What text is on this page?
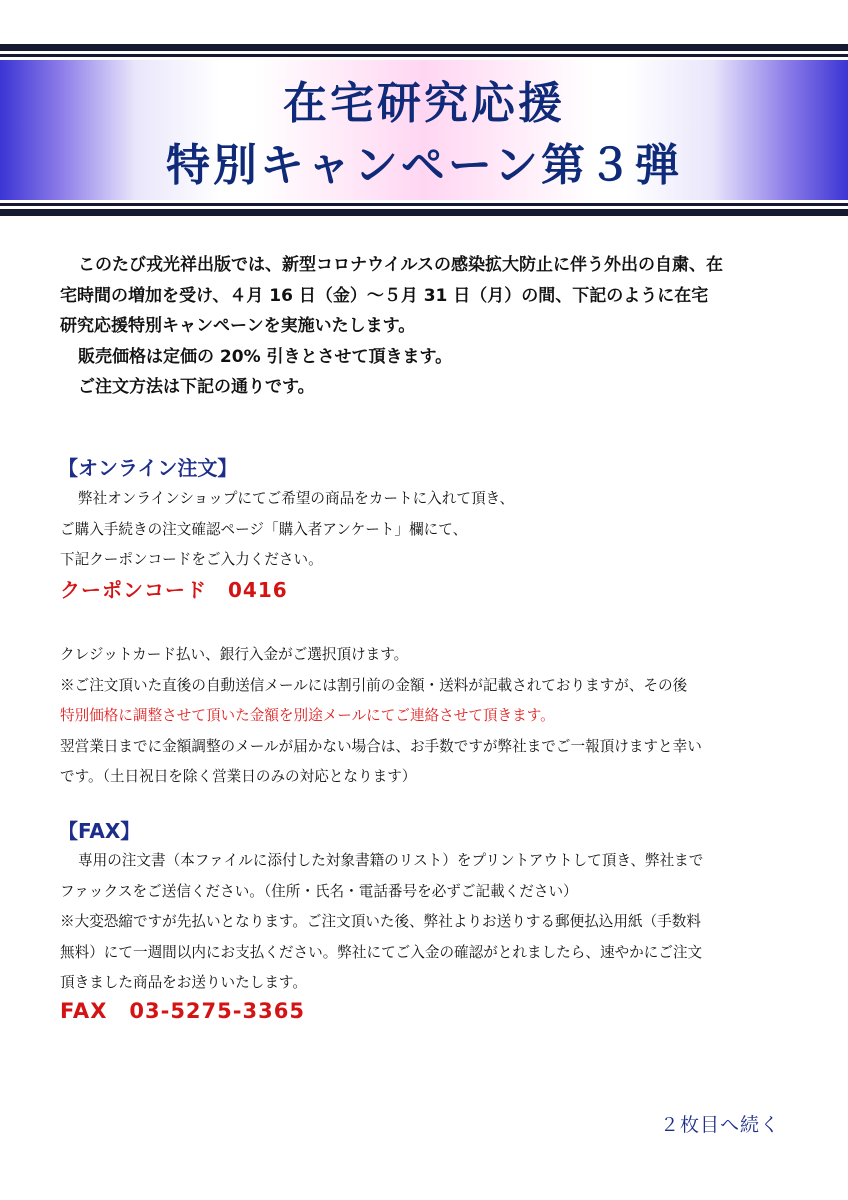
在宅研究応援
特別キャンペーン第３弾

このたび戎光祥出版では、新型コロナウイルスの感染拡大防止に伴う外出の自粛、在

宅時間の増加を受け、４月 16 日（金）～５月 31 日（月）の間、下記のように在宅

研究応援特別キャンペーンを実施いたします。

販売価格は定価の 20% 引きとさせて頂きます。

ご注文方法は下記の通りです。

【オンライン注文】

弊社オンラインショップにてご希望の商品をカートに入れて頂き、

ご購入手続きの注文確認ページ「購入者アンケート」欄にて、

下記クーポンコードをご入力ください。

クーポンコード　0416

クレジットカード払い、銀行入金がご選択頂けます。

※ご注文頂いた直後の自動送信メールには割引前の金額・送料が記載されておりますが、その後

特別価格に調整させて頂いた金額を別途メールにてご連絡させて頂きます。

翌営業日までに金額調整のメールが届かない場合は、お手数ですが弊社までご一報頂けますと幸い

です。（土日祝日を除く営業日のみの対応となります）

【FAX】

専用の注文書（本ファイルに添付した対象書籍のリスト）をプリントアウトして頂き、弊社まで

ファックスをご送信ください。（住所・氏名・電話番号を必ずご記載ください）

※大変恐縮ですが先払いとなります。ご注文頂いた後、弊社よりお送りする郵便払込用紙（手数料

無料）にて一週間以内にお支払ください。弊社にてご入金の確認がとれましたら、速やかにご注文

頂きました商品をお送りいたします。

FAX　03-5275-3365
２枚目へ続く
